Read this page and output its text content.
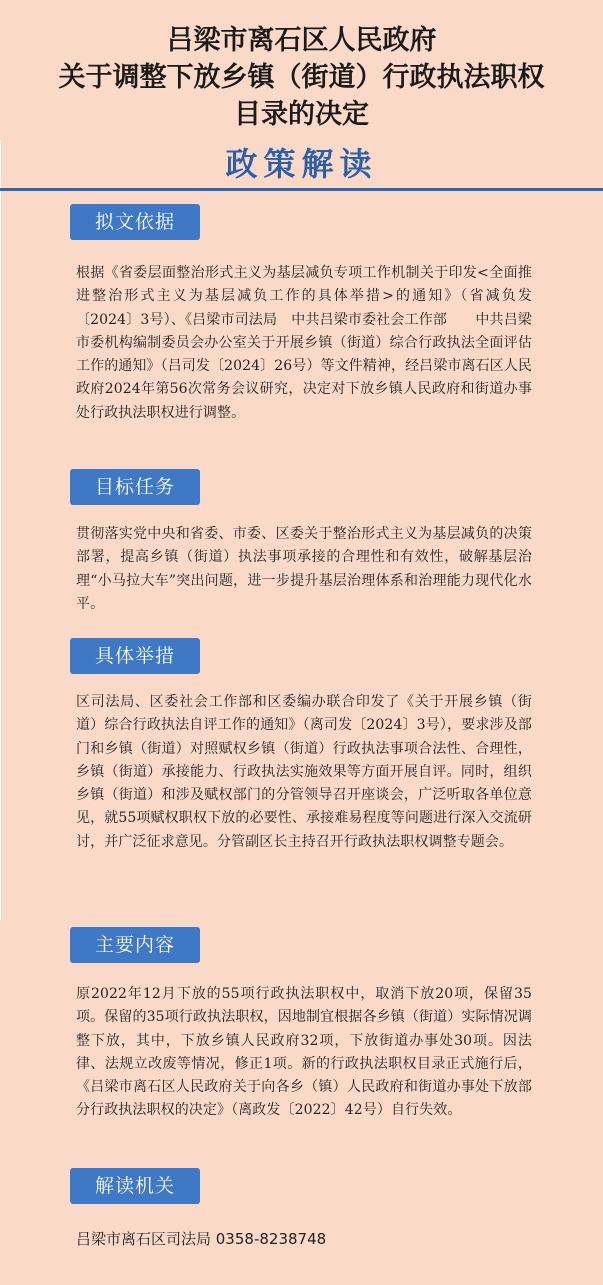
吕梁市离石区人民政府
关于调整下放乡镇（街道）行政执法职权
目录的决定
政策解读
拟文依据
根据《省委层面整治形式主义为基层减负专项工作机制关于印发<全面推进整治形式主义为基层减负工作的具体举措>的通知》（省减负发〔2024〕3号）、《吕梁市司法局　中共吕梁市委社会工作部　　中共吕梁市委机构编制委员会办公室关于开展乡镇（街道）综合行政执法全面评估工作的通知》（吕司发〔2024〕26号）等文件精神，经吕梁市离石区人民政府2024年第56次常务会议研究，决定对下放乡镇人民政府和街道办事处行政执法职权进行调整。
目标任务
贯彻落实党中央和省委、市委、区委关于整治形式主义为基层减负的决策部署，提高乡镇（街道）执法事项承接的合理性和有效性，破解基层治理“小马拉大车”突出问题，进一步提升基层治理体系和治理能力现代化水平。
具体举措
区司法局、区委社会工作部和区委编办联合印发了《关于开展乡镇（街道）综合行政执法自评工作的通知》（离司发〔2024〕3号），要求涉及部门和乡镇（街道）对照赋权乡镇（街道）行政执法事项合法性、合理性，乡镇（街道）承接能力、行政执法实施效果等方面开展自评。同时，组织乡镇（街道）和涉及赋权部门的分管领导召开座谈会，广泛听取各单位意见，就55项赋权职权下放的必要性、承接难易程度等问题进行深入交流研讨，并广泛征求意见。分管副区长主持召开行政执法职权调整专题会。
主要内容
原2022年12月下放的55项行政执法职权中，取消下放20项，保留35项。保留的35项行政执法职权，因地制宜根据各乡镇（街道）实际情况调整下放，其中，下放乡镇人民政府32项，下放街道办事处30项。因法律、法规立改废等情况，修正1项。新的行政执法职权目录正式施行后，《吕梁市离石区人民政府关于向各乡（镇）人民政府和街道办事处下放部分行政执法职权的决定》（离政发〔2022〕42号）自行失效。
解读机关
吕梁市离石区司法局 0358-8238748
